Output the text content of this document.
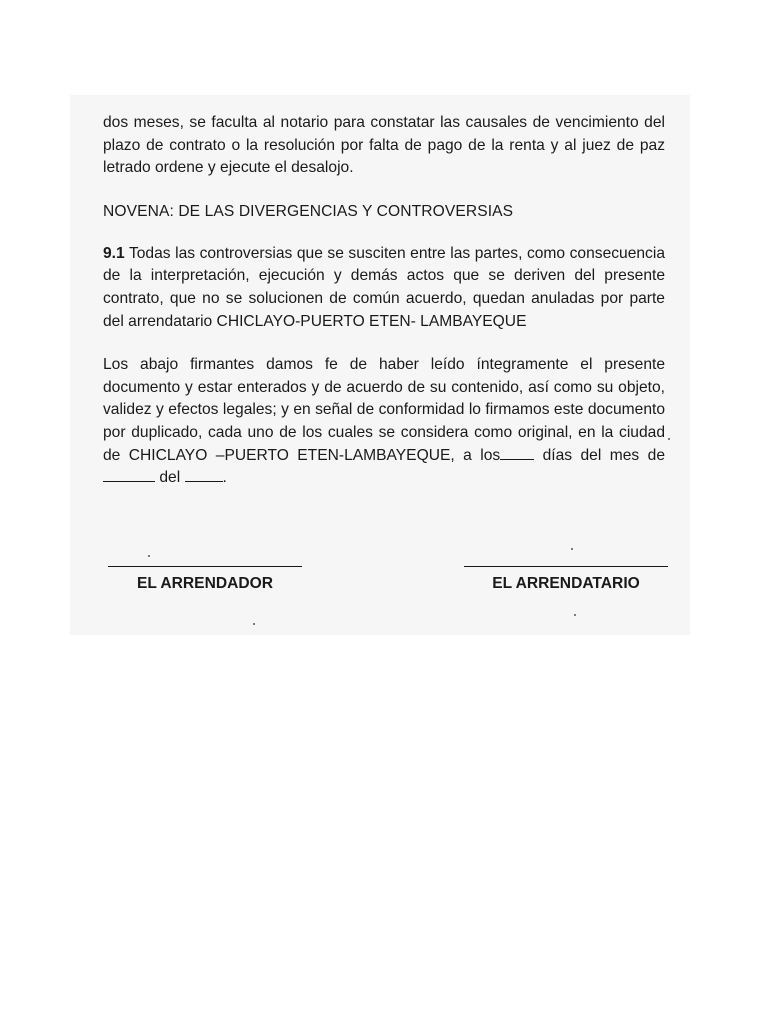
dos meses, se faculta al notario para constatar las causales de vencimiento del plazo de contrato o la resolución por falta de pago de la renta y al juez de paz letrado ordene y ejecute el desalojo.

NOVENA: DE LAS DIVERGENCIAS Y CONTROVERSIAS

9.1 Todas las controversias que se susciten entre las partes, como consecuencia de la interpretación, ejecución y demás actos que se deriven del presente contrato, que no se solucionen de común acuerdo, quedan anuladas por parte del arrendatario CHICLAYO-PUERTO ETEN- LAMBAYEQUE

Los abajo firmantes damos fe de haber leído íntegramente el presente documento y estar enterados y de acuerdo de su contenido, así como su objeto, validez y efectos legales; y en señal de conformidad lo firmamos este documento por duplicado, cada uno de los cuales se considera como original, en la ciudad de CHICLAYO –PUERTO ETEN-LAMBAYEQUE, a los	días del mes de  del	.

EL ARRENDADOR	EL ARRENDATARIO
